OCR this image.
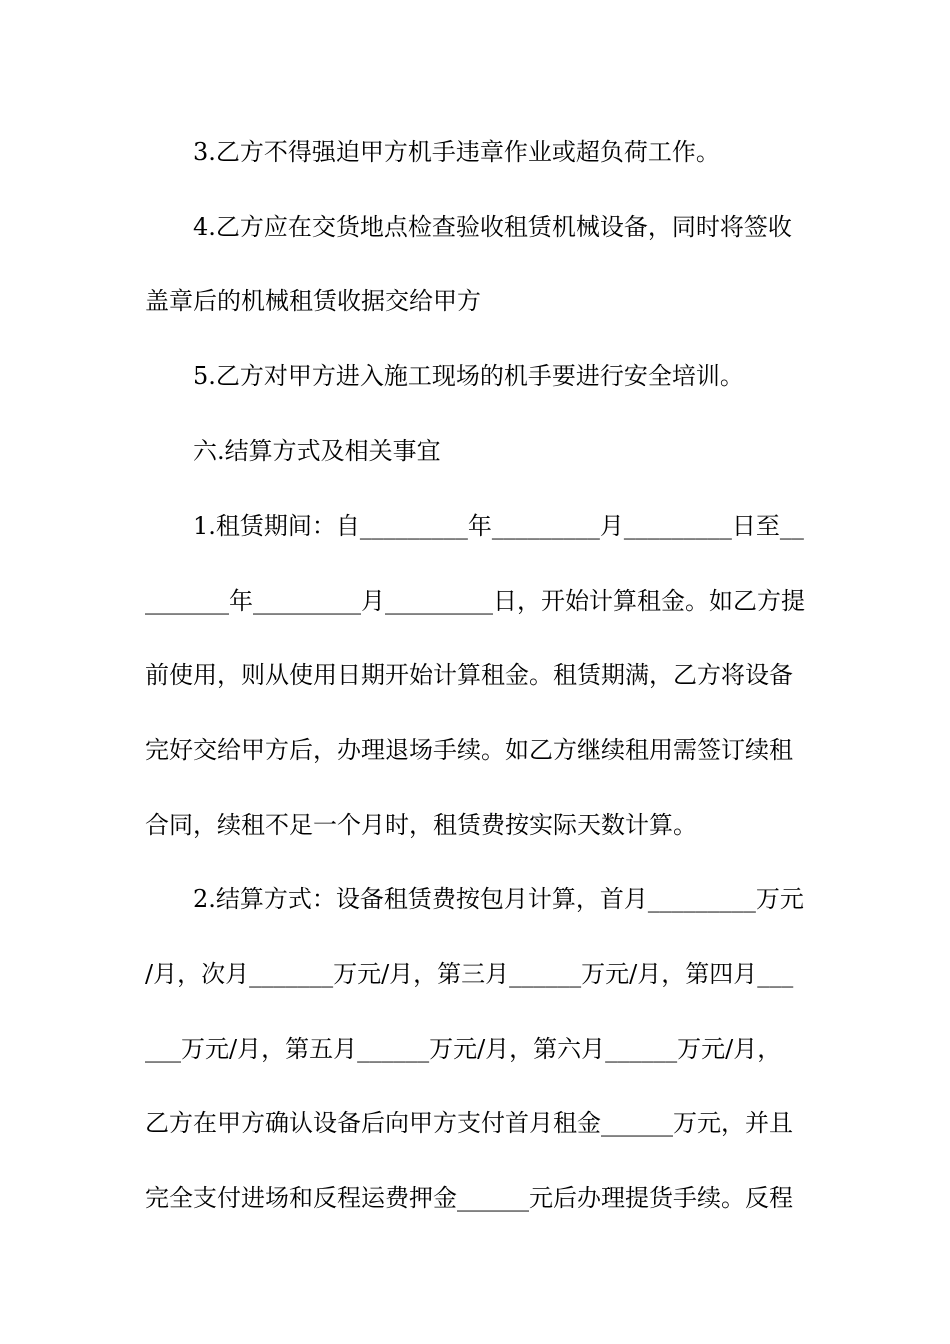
3.乙方不得强迫甲方机手违章作业或超负荷工作。
4.乙方应在交货地点检查验收租赁机械设备，同时将签收
盖章后的机械租赁收据交给甲方
5.乙方对甲方进入施工现场的机手要进行安全培训。
六.结算方式及相关事宜
1.租赁期间：自_________年_________月_________日至__
_______年_________月_________日，开始计算租金。如乙方提
前使用，则从使用日期开始计算租金。租赁期满，乙方将设备
完好交给甲方后，办理退场手续。如乙方继续租用需签订续租
合同，续租不足一个月时，租赁费按实际天数计算。
2.结算方式：设备租赁费按包月计算，首月_________万元
/月，次月_______万元/月，第三月______万元/月，第四月___
___万元/月，第五月______万元/月，第六月______万元/月，
乙方在甲方确认设备后向甲方支付首月租金______万元，并且
完全支付进场和反程运费押金______元后办理提货手续。反程
